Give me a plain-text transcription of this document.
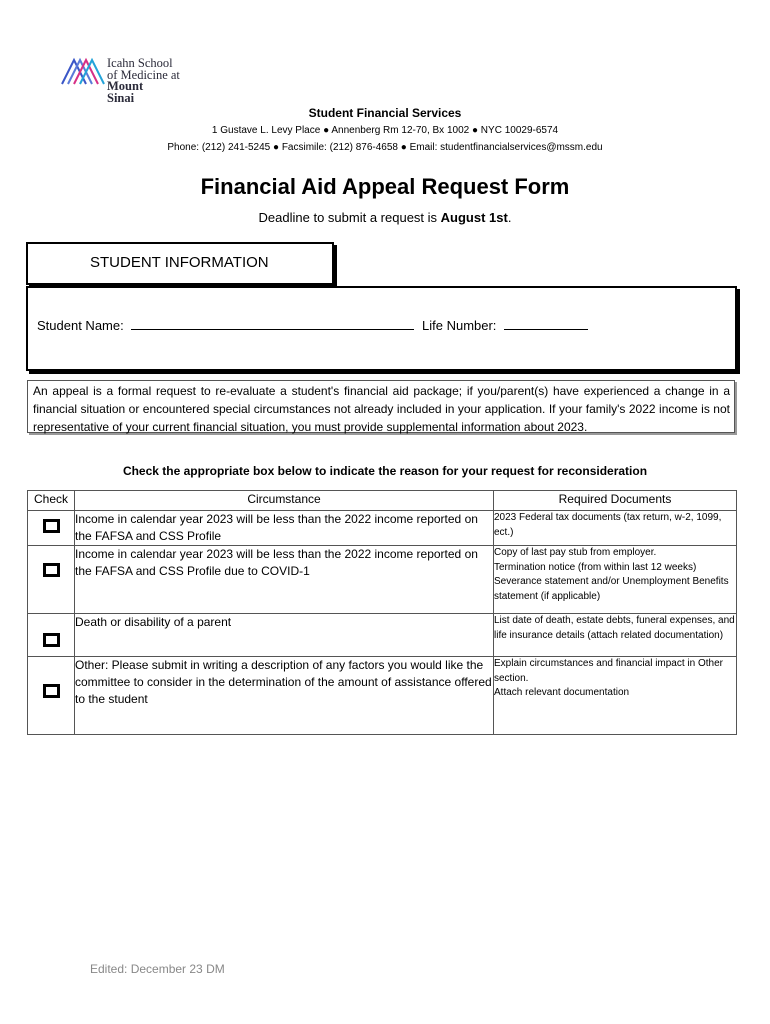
Icahn School
of Medicine at
Mount
Sinai
Student Financial Services
1 Gustave L. Levy Place ● Annenberg Rm 12-70, Bx 1002 ● NYC 10029-6574
Phone: (212) 241-5245 ● Facsimile: (212) 876-4658 ● Email: studentfinancialservices@mssm.edu
Financial Aid Appeal Request Form
Deadline to submit a request is August 1st.
STUDENT INFORMATION
Student Name:	Life Number:
An appeal is a formal request to re-evaluate a student's financial aid package; if you/parent(s) have experienced a change in a financial situation or encountered special circumstances not already included in your application. If your family's 2022 income is not representative of your current financial situation, you must provide supplemental information about 2023.
Check the appropriate box below to indicate the reason for your request for reconsideration
Check	Circumstance	Required Documents

	Income in calendar year 2023 will be less than the 2022 income reported on the FAFSA and CSS Profile	2023 Federal tax documents (tax return, w-2, 1099, ect.)

	Income in calendar year 2023 will be less than the 2022 income reported on the FAFSA and CSS Profile due to COVID-1	Copy of last pay stub from employer.
Termination notice (from within last 12 weeks)
Severance statement and/or Unemployment Benefits statement (if applicable)

	Death or disability of a parent	List date of death, estate debts, funeral expenses, and life insurance details (attach related documentation)

	Other: Please submit in writing a description of any factors you would like the committee to consider in the determination of the amount of assistance offered to the student	Explain circumstances and financial impact in Other section.
Attach relevant documentation
Edited: December 23 DM
